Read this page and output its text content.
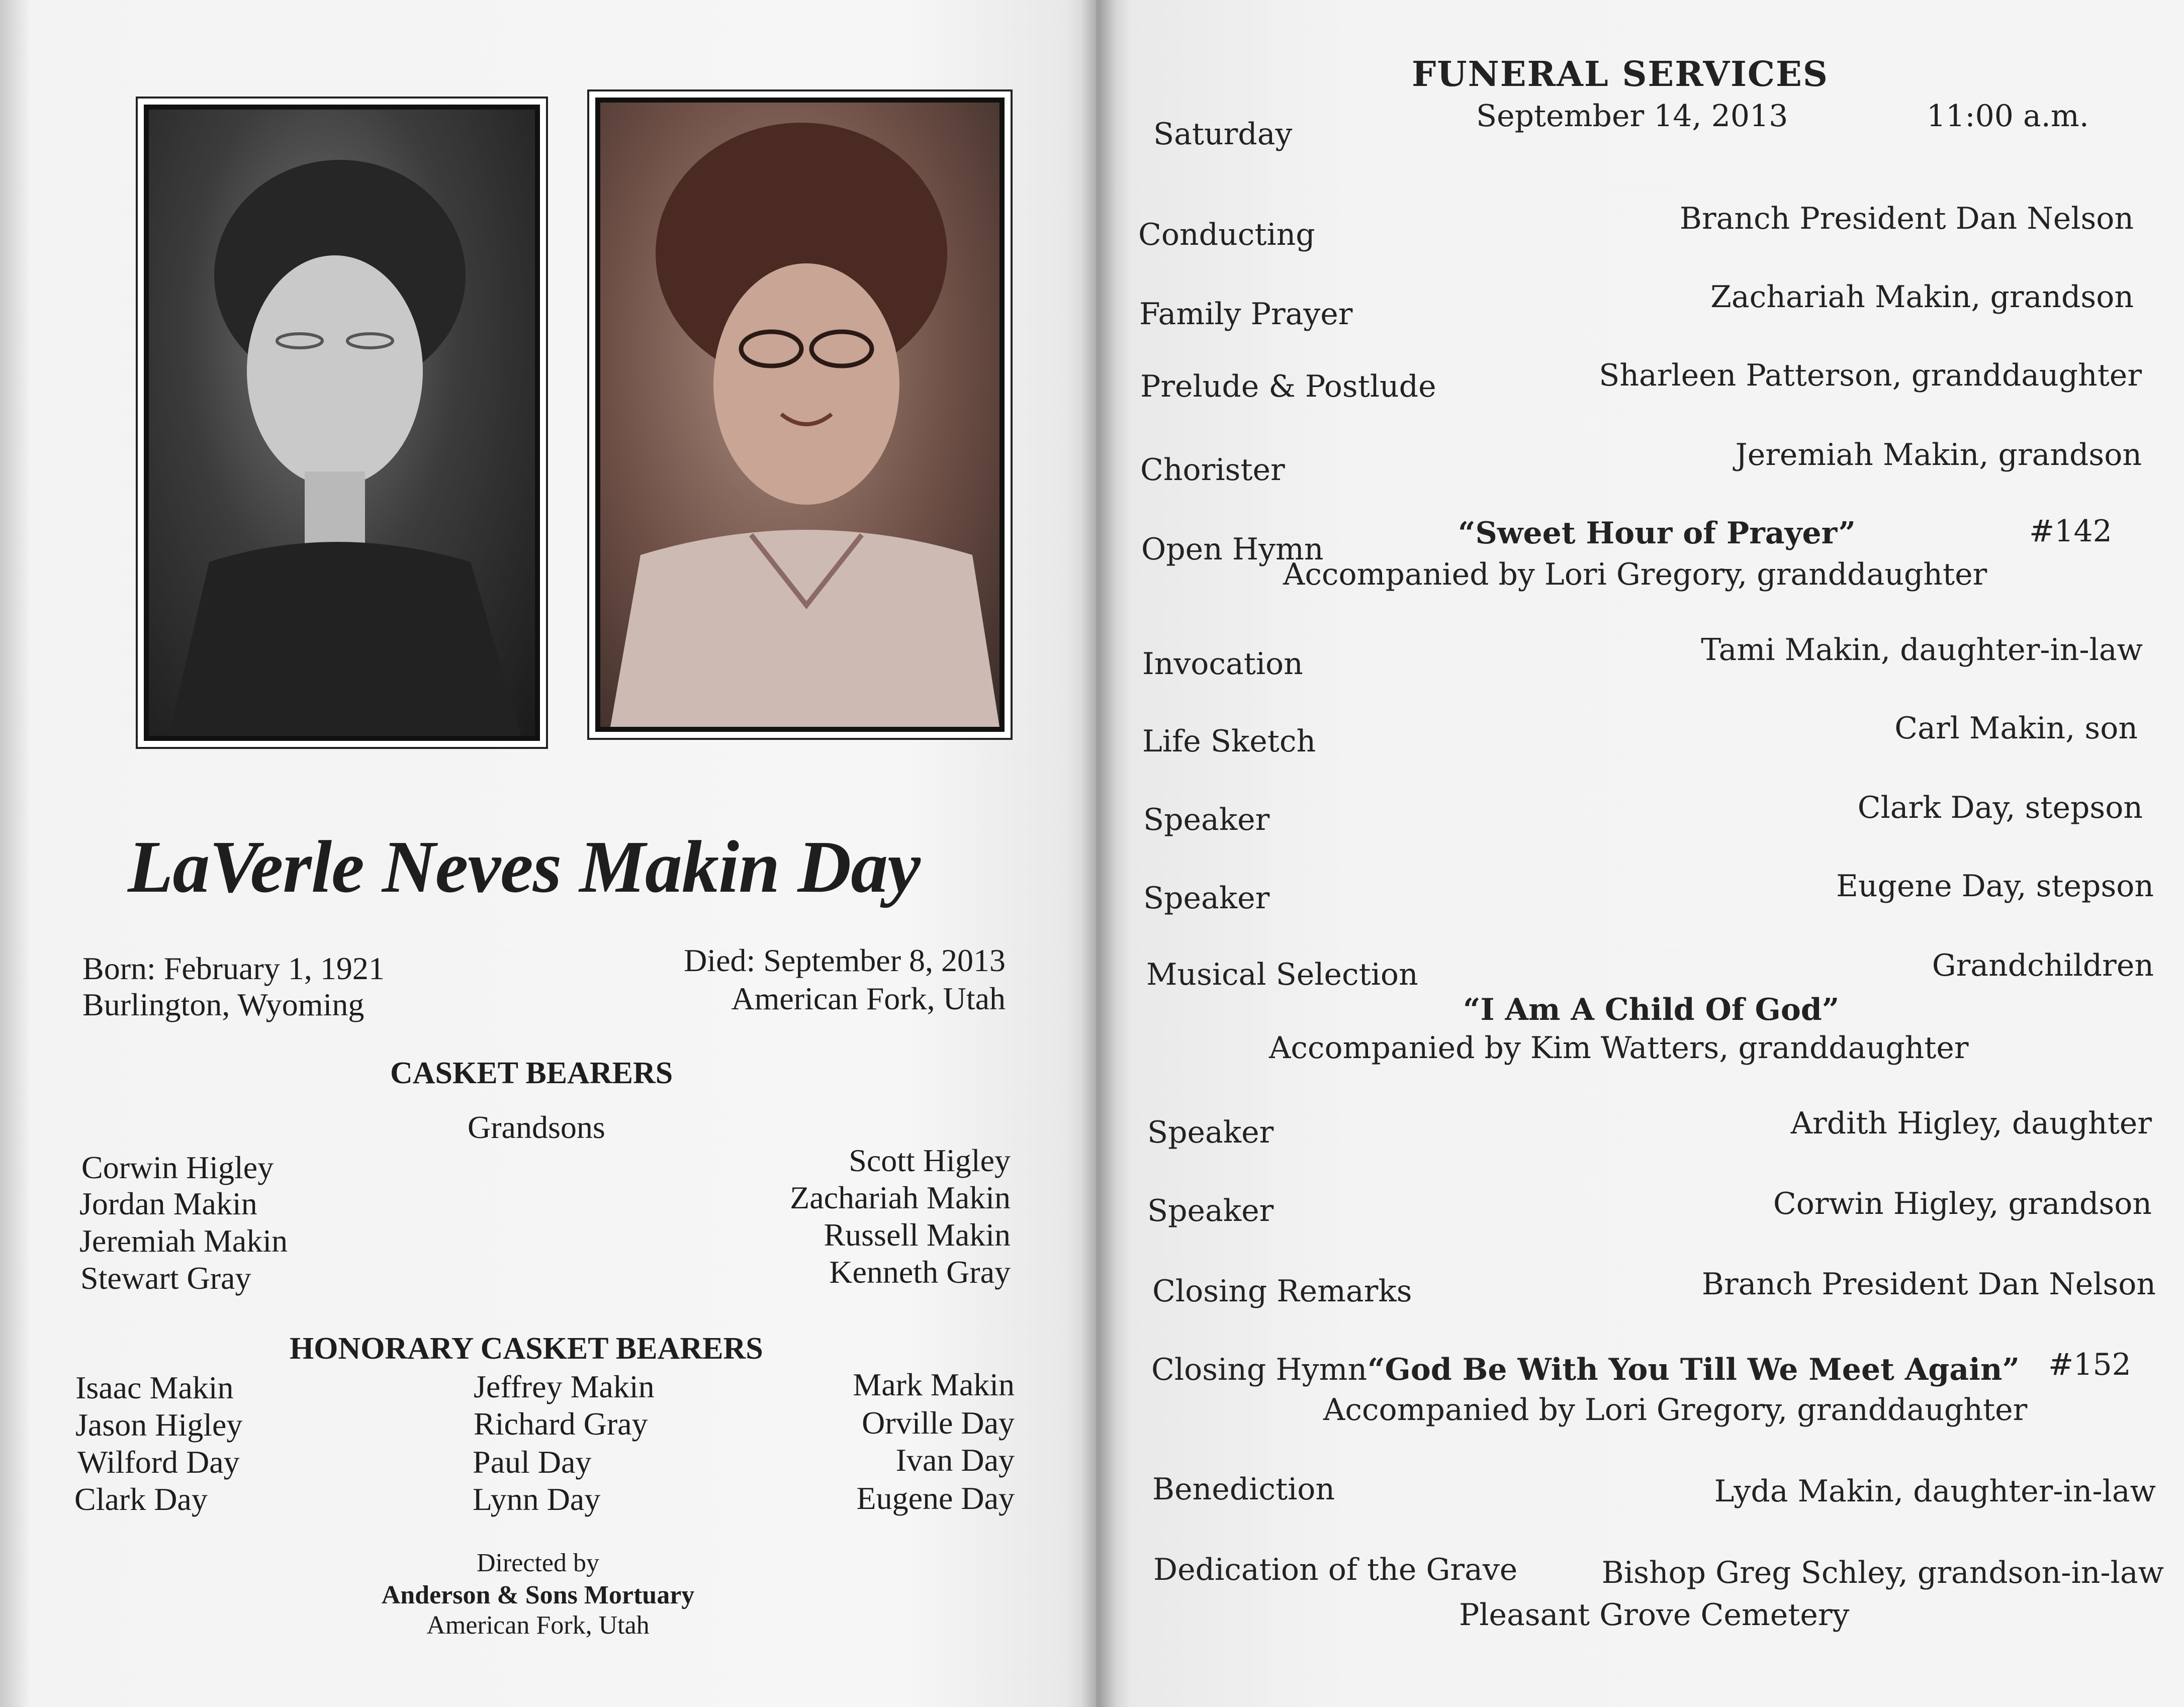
LaVerle Neves Makin Day
Born: February 1, 1921
Burlington, Wyoming
Died: September 8, 2013
American Fork, Utah
CASKET BEARERS
Grandsons
Corwin Higley
Jordan Makin
Jeremiah Makin
Stewart Gray
Scott Higley
Zachariah Makin
Russell Makin
Kenneth Gray
HONORARY CASKET BEARERS
Isaac Makin
Jason Higley
Wilford Day
Clark Day
Jeffrey Makin
Richard Gray
Paul Day
Lynn Day
Mark Makin
Orville Day
Ivan Day
Eugene Day
Directed by
Anderson & Sons Mortuary
American Fork, Utah
FUNERAL SERVICES
Saturday
September 14, 2013	11:00 a.m.
Conducting	Branch President Dan Nelson
Family Prayer	Zachariah Makin, grandson
Prelude & Postlude	Sharleen Patterson, granddaughter
Chorister	Jeremiah Makin, grandson
Open Hymn	“Sweet Hour of Prayer”	#142
Accompanied by Lori Gregory, granddaughter
Invocation	Tami Makin, daughter-in-law
Life Sketch	Carl Makin, son
Speaker	Clark Day, stepson
Speaker	Eugene Day, stepson
Musical Selection	Grandchildren
“I Am A Child Of God”
Accompanied by Kim Watters, granddaughter
Speaker	Ardith Higley, daughter
Speaker	Corwin Higley, grandson
Closing Remarks	Branch President Dan Nelson
Closing Hymn “God Be With You Till We Meet Again” #152
Accompanied by Lori Gregory, granddaughter
Benediction	Lyda Makin, daughter-in-law
Dedication of the Grave	Bishop Greg Schley, grandson-in-law
Pleasant Grove Cemetery
